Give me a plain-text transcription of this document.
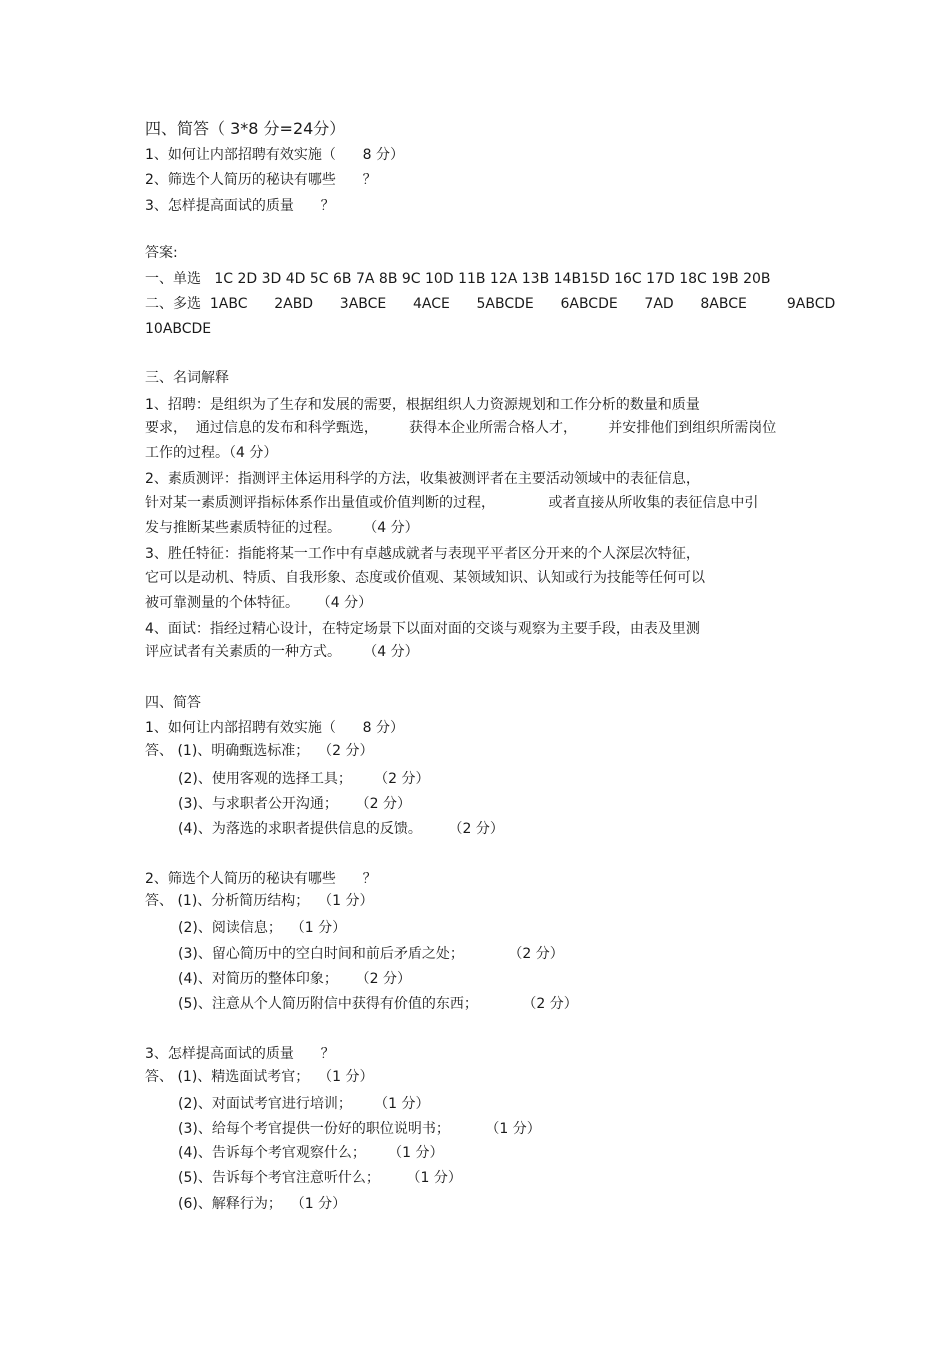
四、简答（ 3*8 分=24分）
1、如何让内部招聘有效实施（      8 分）
2、筛选个人简历的秘诀有哪些      ？
3、怎样提高面试的质量      ？
答案:
一、单选   1C 2D 3D 4D 5C 6B 7A 8B 9C 10D 11B 12A 13B 14B15D 16C 17D 18C 19B 20B
二、多选  1ABC      2ABD      3ABCE      4ACE      5ABCDE      6ABCDE      7AD      8ABCE         9ABCD
10ABCDE
三、名词解释
1、招聘：是组织为了生存和发展的需要，根据组织人力资源规划和工作分析的数量和质量
要求，  通过信息的发布和科学甄选，       获得本企业所需合格人才，       并安排他们到组织所需岗位
工作的过程。（4 分）
2、素质测评：指测评主体运用科学的方法，收集被测评者在主要活动领域中的表征信息，
针对某一素质测评指标体系作出量值或价值判断的过程，            或者直接从所收集的表征信息中引
发与推断某些素质特征的过程。     （4 分）
3、胜任特征：指能将某一工作中有卓越成就者与表现平平者区分开来的个人深层次特征，
它可以是动机、特质、自我形象、态度或价值观、某领域知识、认知或行为技能等任何可以
被可靠测量的个体特征。    （4 分）
4、面试：指经过精心设计，在特定场景下以面对面的交谈与观察为主要手段，由表及里测
评应试者有关素质的一种方式。     （4 分）
四、简答
1、如何让内部招聘有效实施（      8 分）
答、 (1)、明确甄选标准；  （2 分）
(2)、使用客观的选择工具；     （2 分）
(3)、与求职者公开沟通；    （2 分）
(4)、为落选的求职者提供信息的反馈。      （2 分）
2、筛选个人简历的秘诀有哪些      ？
答、 (1)、分析简历结构；  （1 分）
(2)、阅读信息；  （1 分）
(3)、留心简历中的空白时间和前后矛盾之处；          （2 分）
(4)、对简历的整体印象；    （2 分）
(5)、注意从个人简历附信中获得有价值的东西；          （2 分）
3、怎样提高面试的质量      ？
答、 (1)、精选面试考官；  （1 分）
(2)、对面试考官进行培训；     （1 分）
(3)、给每个考官提供一份好的职位说明书；        （1 分）
(4)、告诉每个考官观察什么；     （1 分）
(5)、告诉每个考官注意听什么；      （1 分）
(6)、解释行为；  （1 分）
